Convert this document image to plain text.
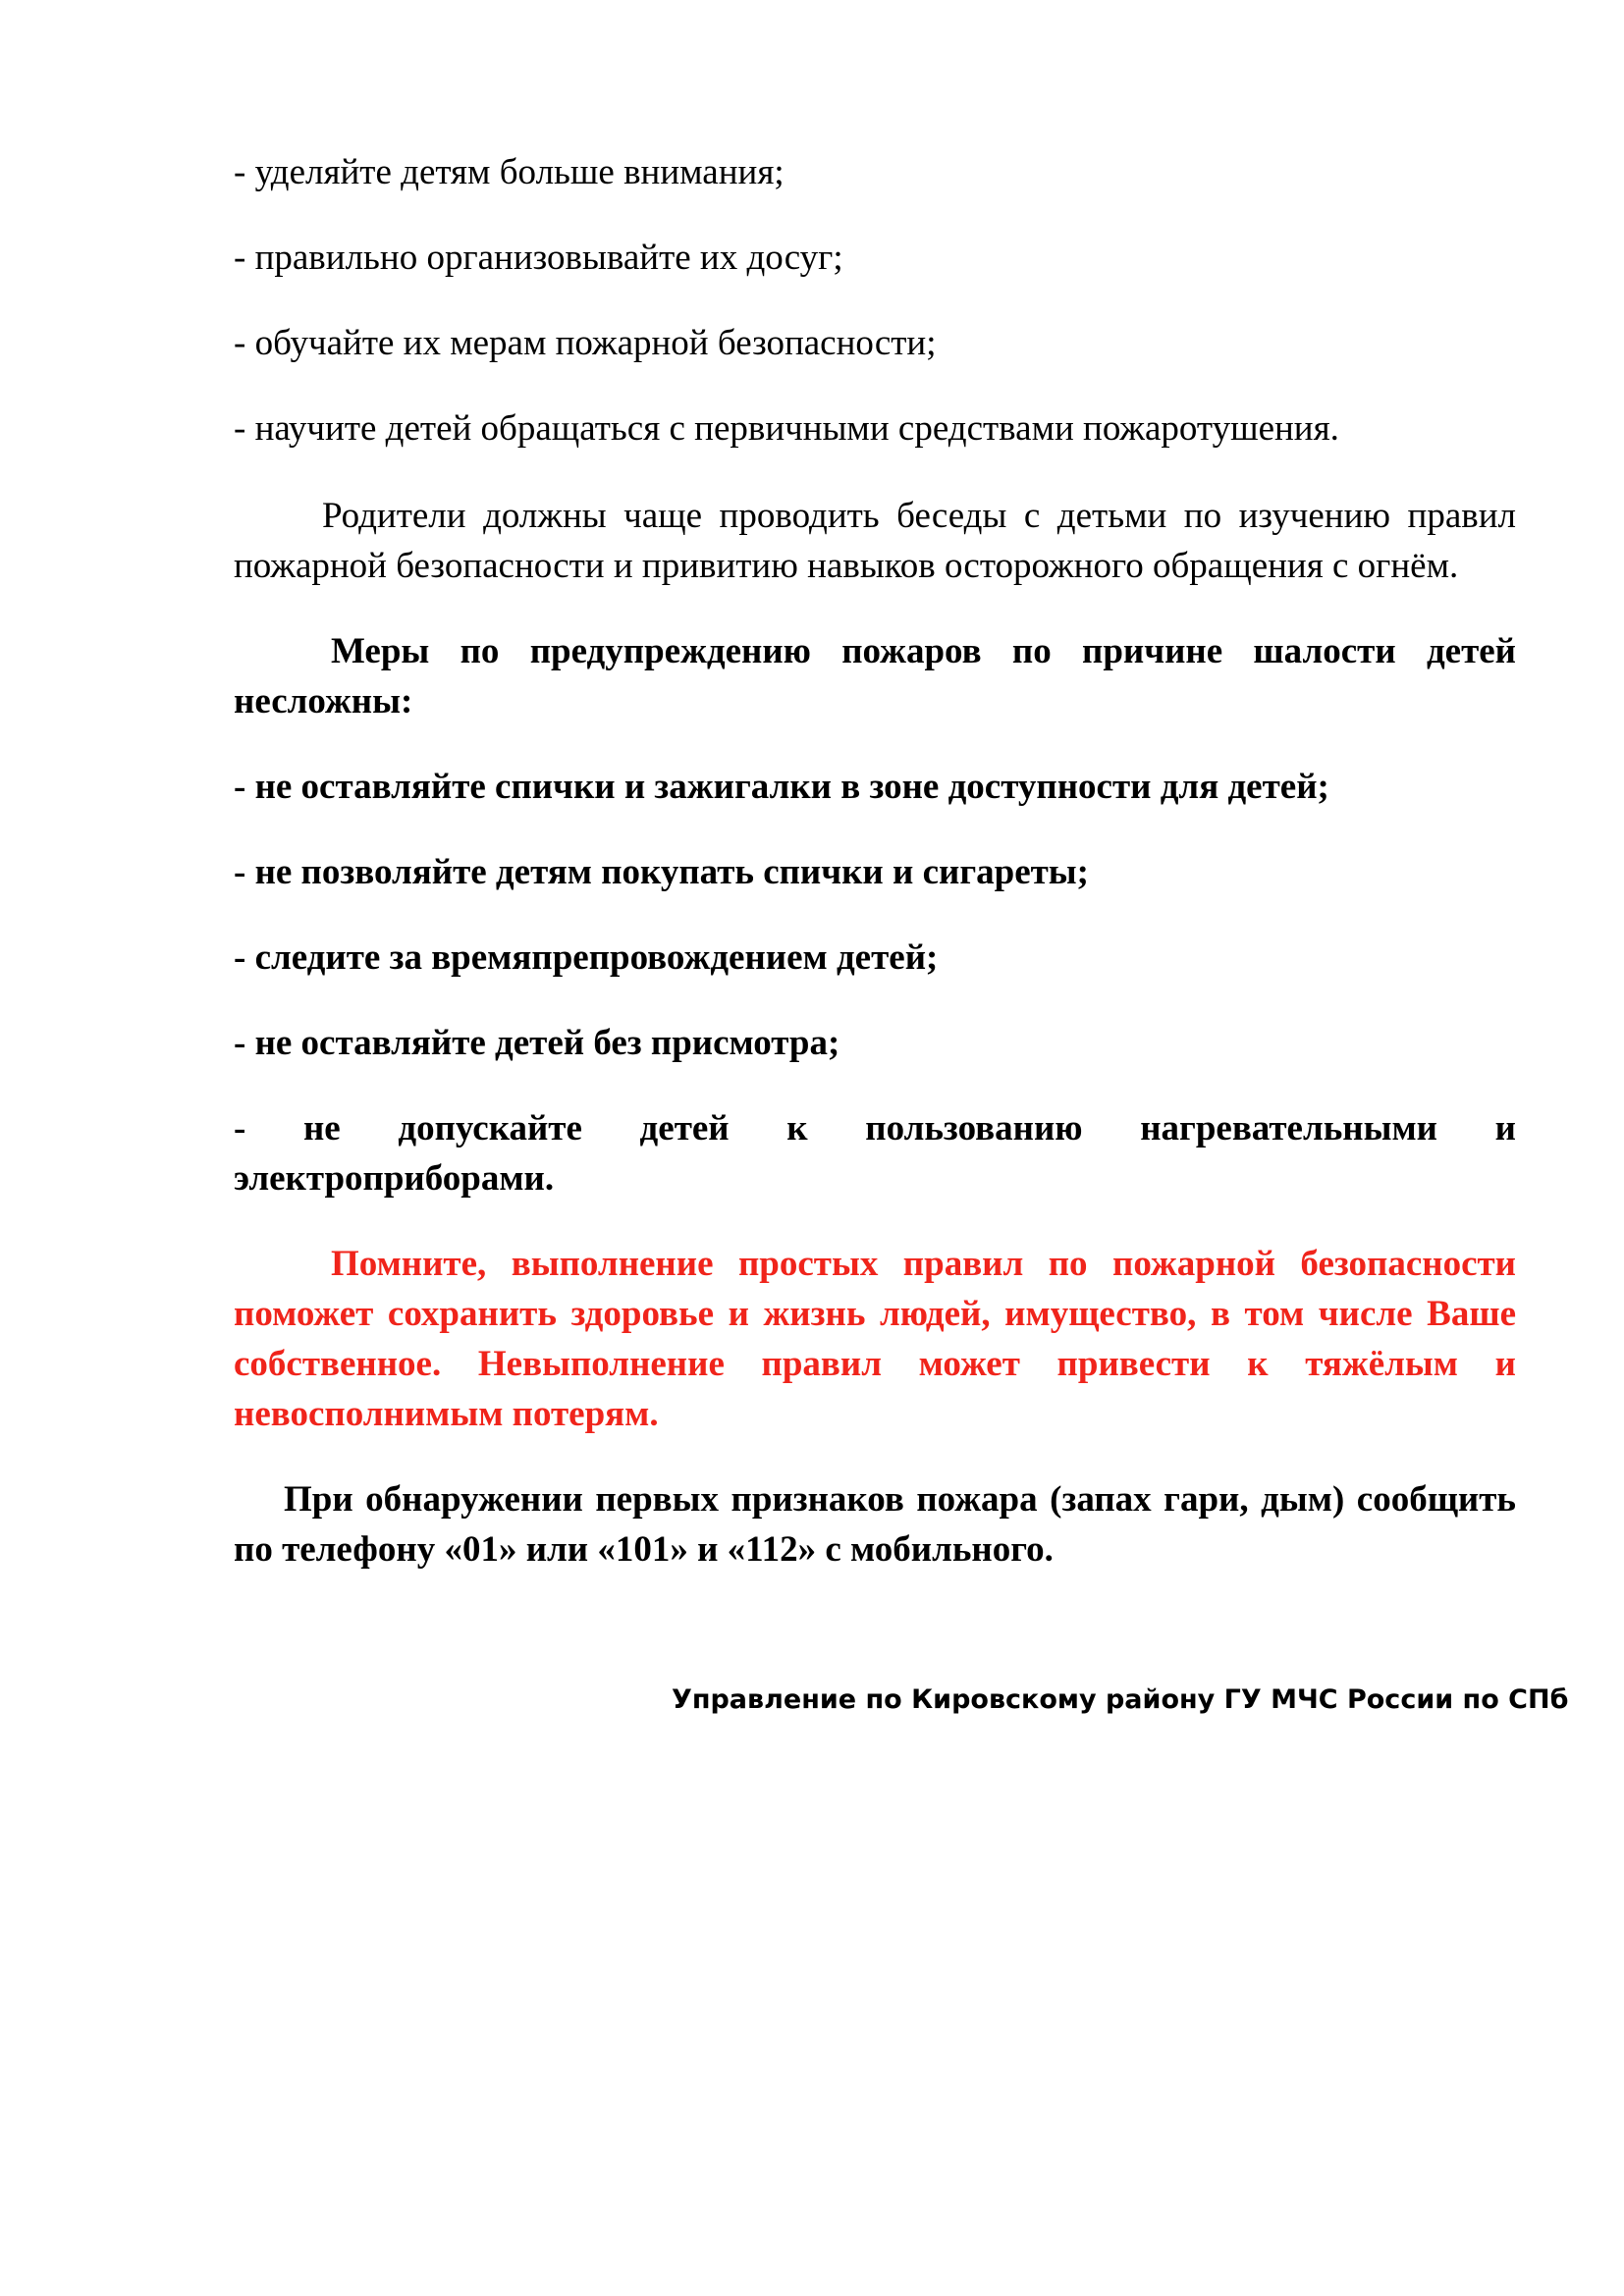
- уделяйте детям больше внимания;

- правильно организовывайте их досуг;

- обучайте их мерам пожарной безопасности;

- научите детей обращаться с первичными средствами пожаротушения.

Родители должны чаще проводить беседы с детьми по изучению правил пожарной безопасности и привитию навыков осторожного обращения с огнём.

Меры по предупреждению пожаров по причине шалости детей несложны:

- не оставляйте спички и зажигалки в зоне доступности для детей;

- не позволяйте детям покупать спички и сигареты;

- следите за времяпрепровождением детей;

- не оставляйте детей без присмотра;

- не допускайте детей к пользованию нагревательными и

электроприборами.

Помните, выполнение простых правил по пожарной безопасности поможет сохранить здоровье и жизнь людей, имущество, в том числе Ваше собственное. Невыполнение правил может привести к тяжёлым и невосполнимым потерям.

При обнаружении первых признаков пожара (запах гари, дым) сообщить по телефону «01» или «101» и «112» с мобильного.

Управление по Кировскому району ГУ МЧС России по СПб
